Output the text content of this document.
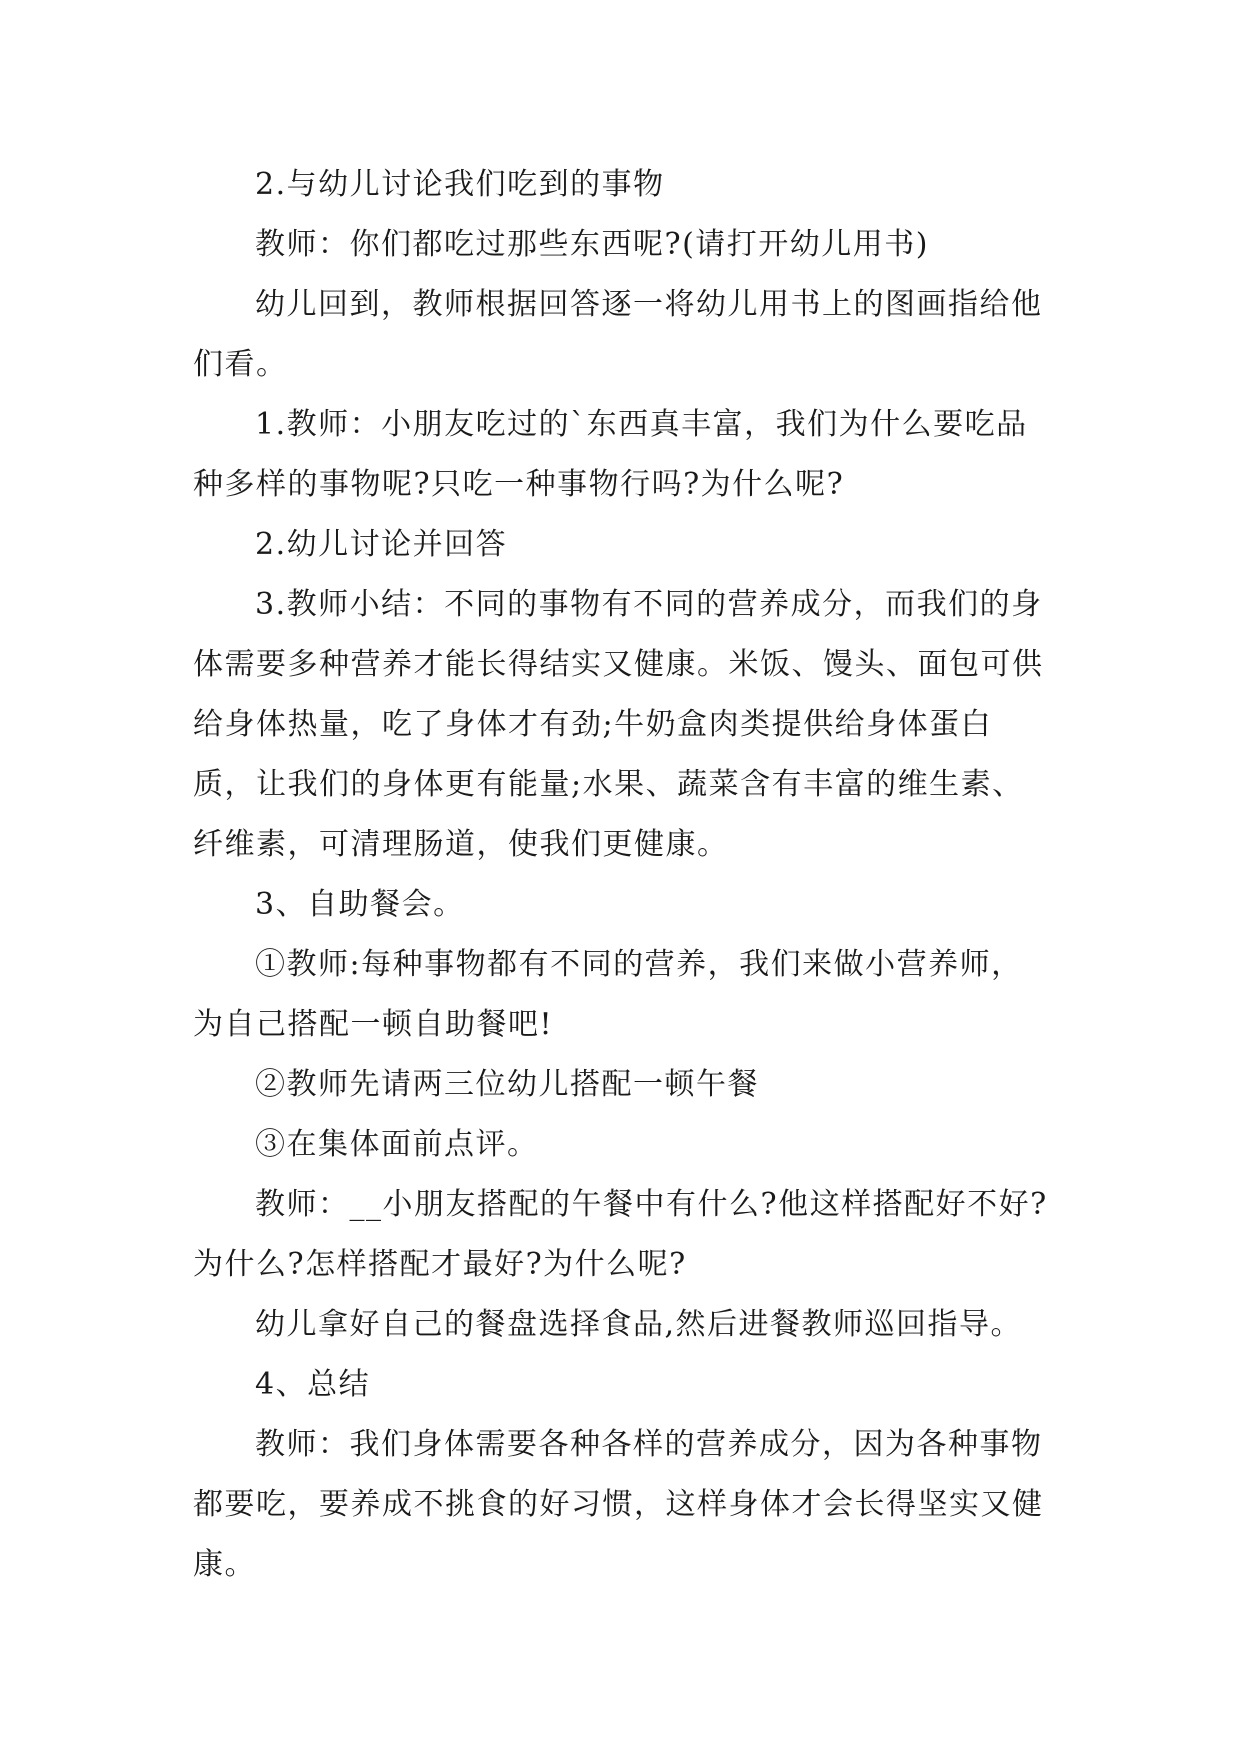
2.与幼儿讨论我们吃到的事物

教师：你们都吃过那些东西呢?(请打开幼儿用书)

幼儿回到，教师根据回答逐一将幼儿用书上的图画指给他们看。

1.教师：小朋友吃过的`东西真丰富，我们为什么要吃品种多样的事物呢?只吃一种事物行吗?为什么呢?

2.幼儿讨论并回答

3.教师小结：不同的事物有不同的营养成分，而我们的身体需要多种营养才能长得结实又健康。米饭、馒头、面包可供给身体热量，吃了身体才有劲;牛奶盒肉类提供给身体蛋白质，让我们的身体更有能量;水果、蔬菜含有丰富的维生素、纤维素，可清理肠道，使我们更健康。

3、自助餐会。

①教师:每种事物都有不同的营养，我们来做小营养师，为自己搭配一顿自助餐吧!

②教师先请两三位幼儿搭配一顿午餐

③在集体面前点评。

教师：__小朋友搭配的午餐中有什么?他这样搭配好不好?为什么?怎样搭配才最好?为什么呢?

幼儿拿好自己的餐盘选择食品,然后进餐教师巡回指导。

4、总结

教师：我们身体需要各种各样的营养成分，因为各种事物都要吃，要养成不挑食的好习惯，这样身体才会长得坚实又健康。
